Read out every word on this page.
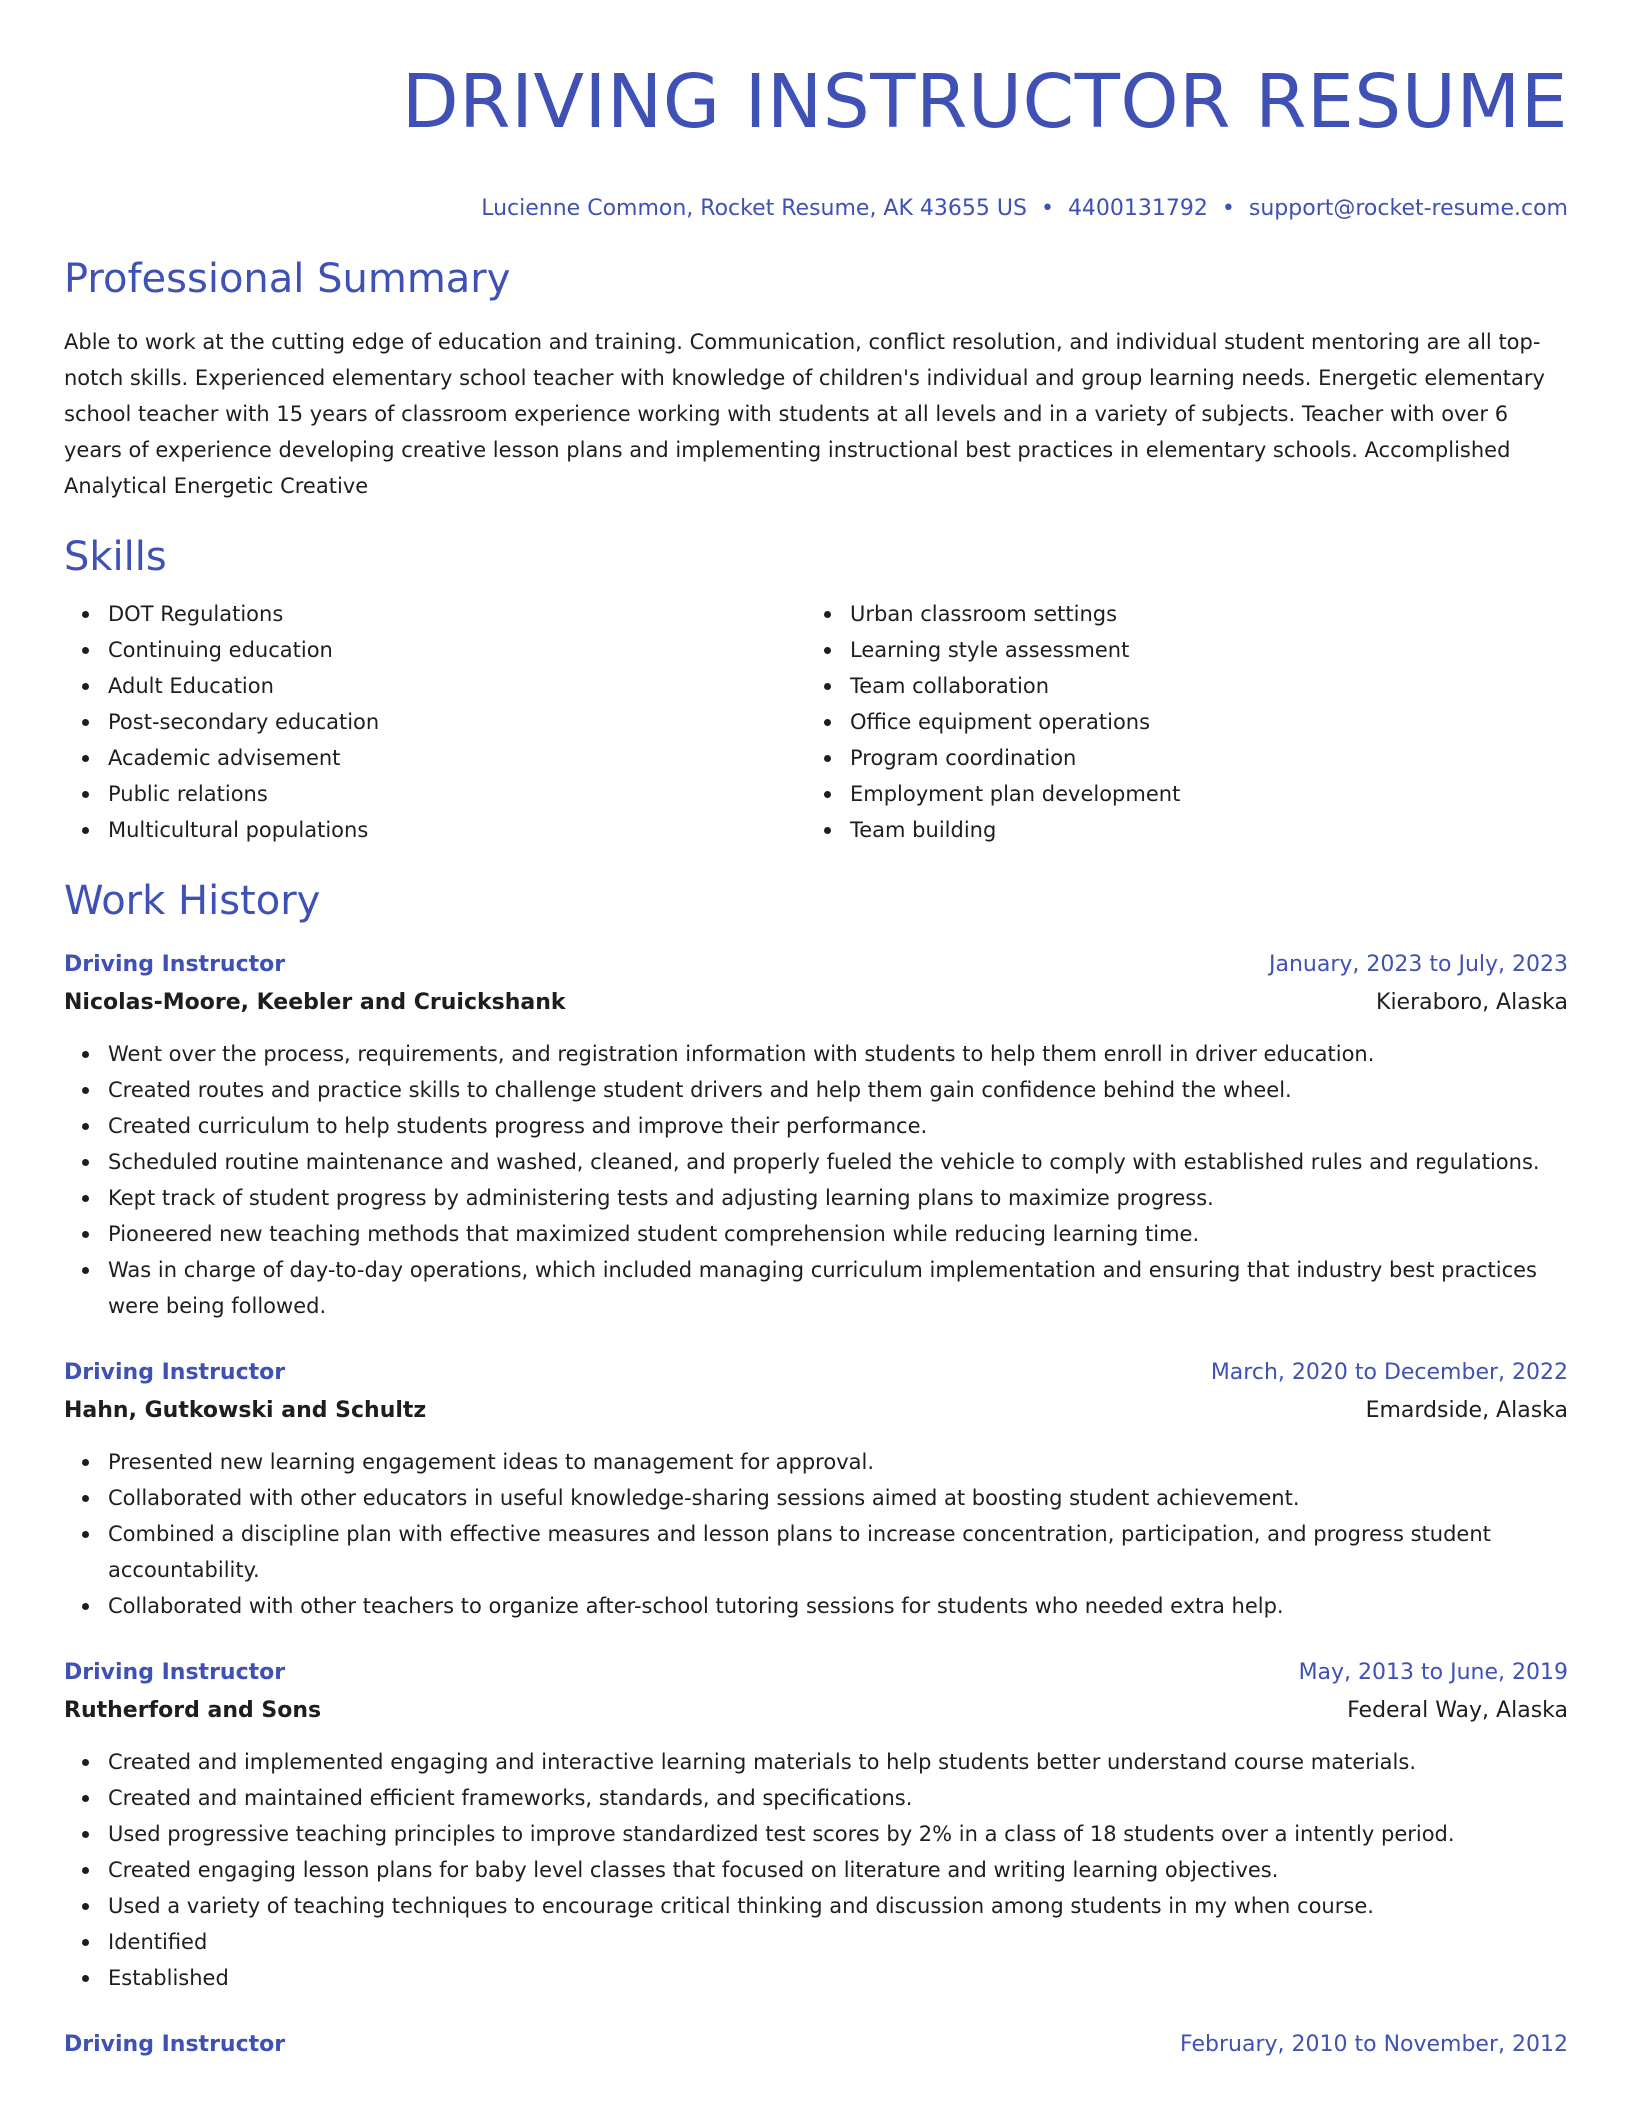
DRIVING INSTRUCTOR RESUME
Lucienne Common, Rocket Resume, AK 43655 US • 4400131792 • support@rocket-resume.com
Professional Summary

Able to work at the cutting edge of education and training. Communication, conflict resolution, and individual student mentoring are all top-notch skills. Experienced elementary school teacher with knowledge of children's individual and group learning needs. Energetic elementary school teacher with 15 years of classroom experience working with students at all levels and in a variety of subjects. Teacher with over 6 years of experience developing creative lesson plans and implementing instructional best practices in elementary schools. Accomplished Analytical Energetic Creative

Skills
DOT Regulations
Continuing education
Adult Education
Post-secondary education
Academic advisement
Public relations
Multicultural populations
Urban classroom settings
Learning style assessment
Team collaboration
Office equipment operations
Program coordination
Employment plan development
Team building
Work History
Driving Instructor	January, 2023 to July, 2023
Nicolas-Moore, Keebler and Cruickshank	Kieraboro, Alaska
Went over the process, requirements, and registration information with students to help them enroll in driver education.
Created routes and practice skills to challenge student drivers and help them gain confidence behind the wheel.
Created curriculum to help students progress and improve their performance.
Scheduled routine maintenance and washed, cleaned, and properly fueled the vehicle to comply with established rules and regulations.
Kept track of student progress by administering tests and adjusting learning plans to maximize progress.
Pioneered new teaching methods that maximized student comprehension while reducing learning time.
Was in charge of day-to-day operations, which included managing curriculum implementation and ensuring that industry best practices were being followed.
Driving Instructor	March, 2020 to December, 2022
Hahn, Gutkowski and Schultz	Emardside, Alaska
Presented new learning engagement ideas to management for approval.
Collaborated with other educators in useful knowledge-sharing sessions aimed at boosting student achievement.
Combined a discipline plan with effective measures and lesson plans to increase concentration, participation, and progress student accountability.
Collaborated with other teachers to organize after-school tutoring sessions for students who needed extra help.
Driving Instructor	May, 2013 to June, 2019
Rutherford and Sons	Federal Way, Alaska
Created and implemented engaging and interactive learning materials to help students better understand course materials.
Created and maintained efficient frameworks, standards, and specifications.
Used progressive teaching principles to improve standardized test scores by 2% in a class of 18 students over a intently period.
Created engaging lesson plans for baby level classes that focused on literature and writing learning objectives.
Used a variety of teaching techniques to encourage critical thinking and discussion among students in my when course.
Identified
Established
Driving Instructor	February, 2010 to November, 2012
